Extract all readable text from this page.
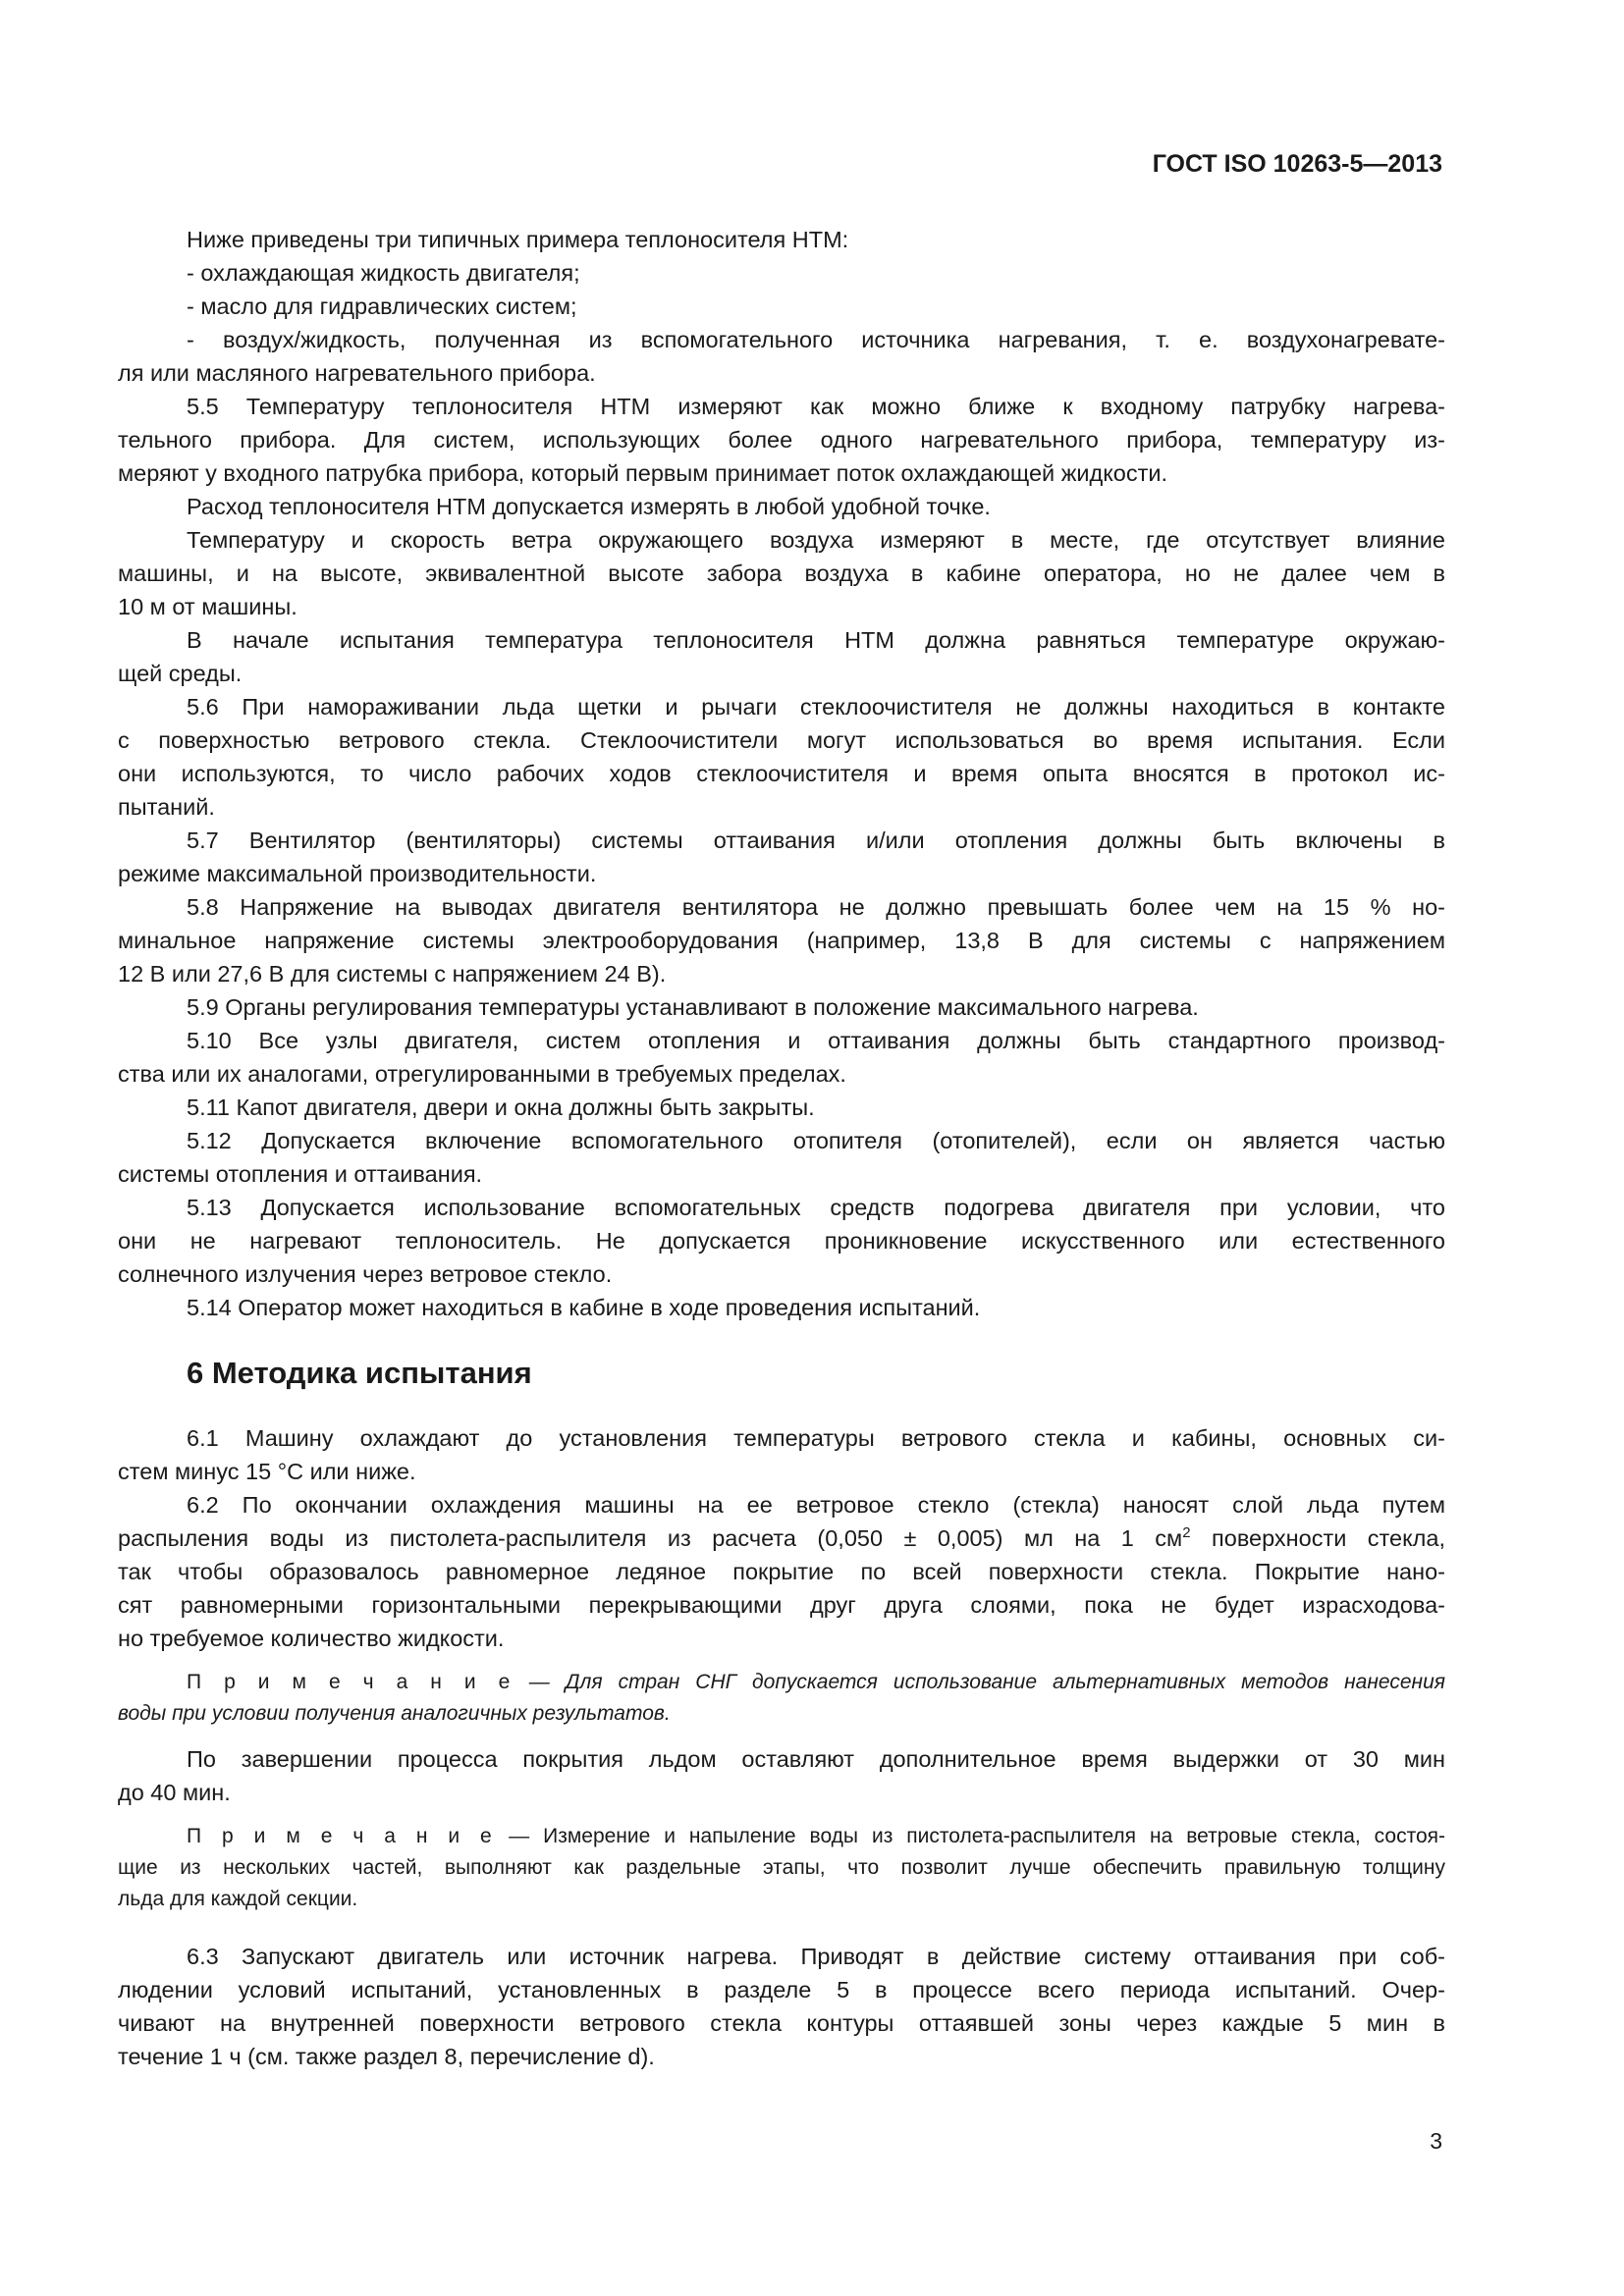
ГОСТ ISO 10263-5—2013
Ниже приведены три типичных примера теплоносителя НТМ:
- охлаждающая жидкость двигателя;
- масло для гидравлических систем;
- воздух/жидкость, полученная из вспомогательного источника нагревания, т. е. воздухонагревате-
ля или масляного нагревательного прибора.
5.5 Температуру теплоносителя НТМ измеряют как можно ближе к входному патрубку нагрева-
тельного прибора. Для систем, использующих более одного нагревательного прибора, температуру из-
меряют у входного патрубка прибора, который первым принимает поток охлаждающей жидкости.
Расход теплоносителя НТМ допускается измерять в любой удобной точке.
Температуру и скорость ветра окружающего воздуха измеряют в месте, где отсутствует влияние
машины, и на высоте, эквивалентной высоте забора воздуха в кабине оператора, но не далее чем в
10 м от машины.
В начале испытания температура теплоносителя НТМ должна равняться температуре окружаю-
щей среды.
5.6 При намораживании льда щетки и рычаги стеклоочистителя не должны находиться в контакте
с поверхностью ветрового стекла. Стеклоочистители могут использоваться во время испытания. Если
они используются, то число рабочих ходов стеклоочистителя и время опыта вносятся в протокол ис-
пытаний.
5.7 Вентилятор (вентиляторы) системы оттаивания и/или отопления должны быть включены в
режиме максимальной производительности.
5.8 Напряжение на выводах двигателя вентилятора не должно превышать более чем на 15 % но-
минальное напряжение системы электрооборудования (например, 13,8 В для системы с напряжением
12 В или 27,6 В для системы с напряжением 24 В).
5.9 Органы регулирования температуры устанавливают в положение максимального нагрева.
5.10 Все узлы двигателя, систем отопления и оттаивания должны быть стандартного производ-
ства или их аналогами, отрегулированными в требуемых пределах.
5.11 Капот двигателя, двери и окна должны быть закрыты.
5.12 Допускается включение вспомогательного отопителя (отопителей), если он является частью
системы отопления и оттаивания.
5.13 Допускается использование вспомогательных средств подогрева двигателя при условии, что
они не нагревают теплоноситель. Не допускается проникновение искусственного или естественного
солнечного излучения через ветровое стекло.
5.14 Оператор может находиться в кабине в ходе проведения испытаний.
6 Методика испытания
6.1 Машину охлаждают до установления температуры ветрового стекла и кабины, основных си-
стем минус 15 °C или ниже.
6.2 По окончании охлаждения машины на ее ветровое стекло (стекла) наносят слой льда путем
распыления воды из пистолета-распылителя из расчета (0,050 ± 0,005) мл на 1 $см^2$ поверхности стекла,
так чтобы образовалось равномерное ледяное покрытие по всей поверхности стекла. Покрытие нано-
сят равномерными горизонтальными перекрывающими друг друга слоями, пока не будет израсходова-
но требуемое количество жидкости.
П р и м е ч а н и е — Для стран СНГ допускается использование альтернативных методов нанесения
воды при условии получения аналогичных результатов.
По завершении процесса покрытия льдом оставляют дополнительное время выдержки от 30 мин
до 40 мин.
П р и м е ч а н и е — Измерение и напыление воды из пистолета-распылителя на ветровые стекла, состоя-
щие из нескольких частей, выполняют как раздельные этапы, что позволит лучше обеспечить правильную толщину
льда для каждой секции.
6.3 Запускают двигатель или источник нагрева. Приводят в действие систему оттаивания при соб-
людении условий испытаний, установленных в разделе 5 в процессе всего периода испытаний. Очер-
чивают на внутренней поверхности ветрового стекла контуры оттаявшей зоны через каждые 5 мин в
течение 1 ч (см. также раздел 8, перечисление d).
3
